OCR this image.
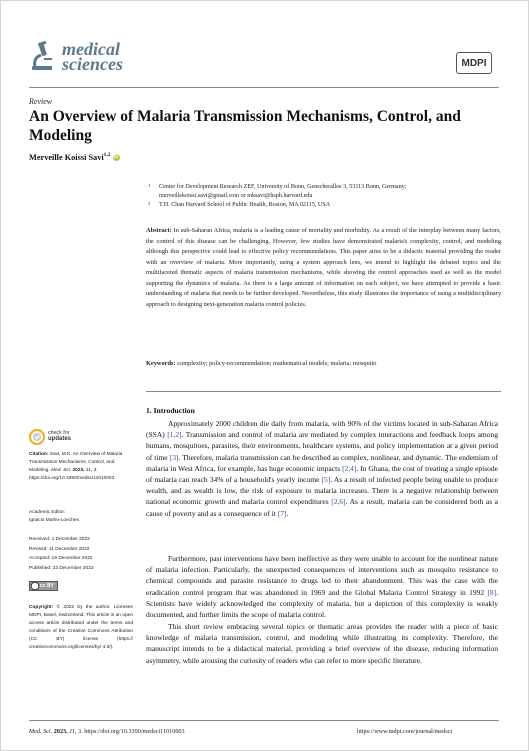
medical
sciences	MDPI
Review
An Overview of Malaria Transmission Mechanisms, Control, and Modeling
Merveille Koissi Savi$^{1,2}$ iD
1 Center for Development Research ZEF, University of Bonn, Genscherallee 3, 53113 Bonn, Germany;
merveillekoissi.savi@gmail.com or mksavi@hsph.harvard.edu
2 T.H. Chan Harvard School of Public Health, Boston, MA 02115, USA
Abstract: In sub-Saharan Africa, malaria is a leading cause of mortality and morbidity. As a result of the interplay between many factors, the control of this disease can be challenging. However, few studies have demonstrated malaria's complexity, control, and modeling although this perspective could lead to effective policy recommendations. This paper aims to be a didactic material providing the reader with an overview of malaria. More importantly, using a system approach lens, we intend to highlight the debated topics and the multifaceted thematic aspects of malaria transmission mechanisms, while showing the control approaches used as well as the model supporting the dynamics of malaria. As there is a large amount of information on each subject, we have attempted to provide a basic understanding of malaria that needs to be further developed. Nevertheless, this study illustrates the importance of using a multidisciplinary approach to designing next-generation malaria control policies.
Keywords: complexity; policy-recommendation; mathematical models; malaria; mosquito
1. Introduction
Approximately 2000 children die daily from malaria, with 90% of the victims located in sub-Saharan Africa (SSA) [1,2]. Transmission and control of malaria are mediated by complex interactions and feedback loops among humans, mosquitoes, parasites, their environments, healthcare systems, and policy implementation at a given period of time [3]. Therefore, malaria transmission can be described as complex, nonlinear, and dynamic. The endemism of malaria in West Africa, for example, has huge economic impacts [2,4]. In Ghana, the cost of treating a single episode of malaria can reach 34% of a household's yearly income [5]. As a result of infected people being unable to produce wealth, and as wealth is low, the risk of exposure to malaria increases. There is a negative relationship between national economic growth and malaria control expenditures [2,6]. As a result, malaria can be considered both as a cause of poverty and as a consequence of it [7].
Furthermore, past interventions have been ineffective as they were unable to account for the nonlinear nature of malaria infection. Particularly, the unexpected consequences of interventions such as mosquito resistance to chemical compounds and parasite resistance to drugs led to their abandonment. This was the case with the eradication control program that was abandoned in 1969 and the Global Malaria Control Strategy in 1992 [8]. Scientists have widely acknowledged the complexity of malaria, but a depiction of this complexity is weakly documented, and further limits the scope of malaria control.
This short review embracing several topics or thematic areas provides the reader with a piece of basic knowledge of malaria transmission, control, and modeling while illustrating its complexity. Therefore, the manuscript intends to be a didactical material, providing a brief overview of the disease, reducing information asymmetry, while arousing the curiosity of readers who can refer to more specific literature.
check for
updates
Citation: Savi, M.K. An Overview of Malaria Transmission Mechanisms, Control, and Modeling. Med. Sci. 2023, 11, 3. https://doi.org/10.3390/medsci11010003
Academic Editor:
Ignacio Martin-Loeches
Received: 1 December 2022
Revised: 11 December 2022
Accepted: 19 December 2022
Published: 23 December 2022
cc BY
Copyright: © 2022 by the author. Licensee MDPI, Basel, Switzerland. This article is an open access article distributed under the terms and conditions of the Creative Commons Attribution (CC BY) license (https:// creativecommons.org/licenses/by/ 4.0/).
Med. Sci. 2023, 11, 3. https://doi.org/10.3390/medsci11010003	https://www.mdpi.com/journal/medsci
